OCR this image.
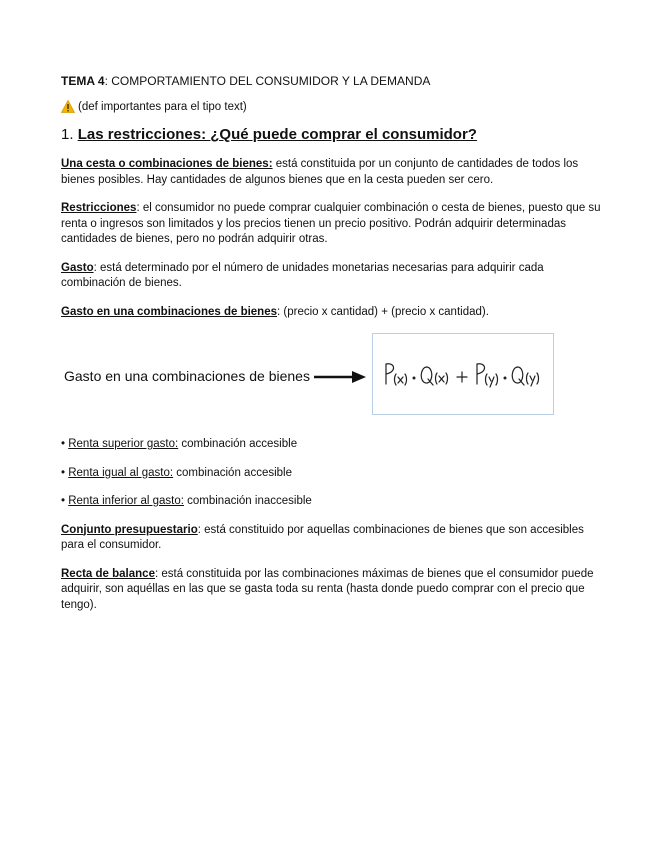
TEMA 4: COMPORTAMIENTO DEL CONSUMIDOR Y LA DEMANDA
(def importantes para el tipo text)
1. Las restricciones: ¿Qué puede comprar el consumidor?

Una cesta o combinaciones de bienes: está constituida por un conjunto de cantidades de todos los bienes posibles. Hay cantidades de algunos bienes que en la cesta pueden ser cero.

Restricciones: el consumidor no puede comprar cualquier combinación o cesta de bienes, puesto que su renta o ingresos son limitados y los precios tienen un precio positivo. Podrán adquirir determinadas cantidades de bienes, pero no podrán adquirir otras.

Gasto: está determinado por el número de unidades monetarias necesarias para adquirir cada combinación de bienes.

Gasto en una combinaciones de bienes: (precio x cantidad) + (precio x cantidad).

Gasto en una combinaciones de bienes

• Renta superior gasto: combinación accesible

• Renta igual al gasto: combinación accesible

• Renta inferior al gasto: combinación inaccesible

Conjunto presupuestario: está constituido por aquellas combinaciones de bienes que son accesibles para el consumidor.

Recta de balance: está constituida por las combinaciones máximas de bienes que el consumidor puede adquirir, son aquéllas en las que se gasta toda su renta (hasta donde puedo comprar con el precio que tengo).
